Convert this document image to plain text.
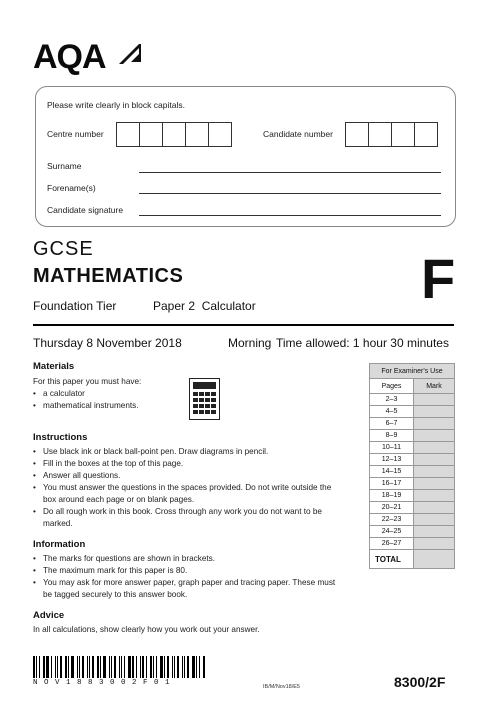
AQA
Please write clearly in block capitals.
Centre number	Candidate number
Surname
Forename(s)
Candidate signature
GCSE
MATHEMATICS
Foundation Tier	Paper 2  Calculator	F
Thursday 8 November 2018	Morning Time allowed: 1 hour 30 minutes
Materials
For this paper you must have:
• a calculator
• mathematical instruments.
Instructions
• Use black ink or black ball-point pen. Draw diagrams in pencil.
• Fill in the boxes at the top of this page.
• Answer all questions.
• You must answer the questions in the spaces provided. Do not write outside the box around each page or on blank pages.
• Do all rough work in this book. Cross through any work you do not want to be marked.
Information
• The marks for questions are shown in brackets.
• The maximum mark for this paper is 80.
• You may ask for more answer paper, graph paper and tracing paper. These must be tagged securely to this answer book.
Advice
In all calculations, show clearly how you work out your answer.
For Examiner's Use	
Pages	Mark
2–3	
4–5	
6–7	
8–9	
10–11	
12–13	
14–15	
16–17	
18–19	
20–21	
22–23	
24–25	
26–27	
TOTAL	
N O V 1 8 8 3 0 0 2 F 0 1	IB/M/Nov18/E5	8300/2F
